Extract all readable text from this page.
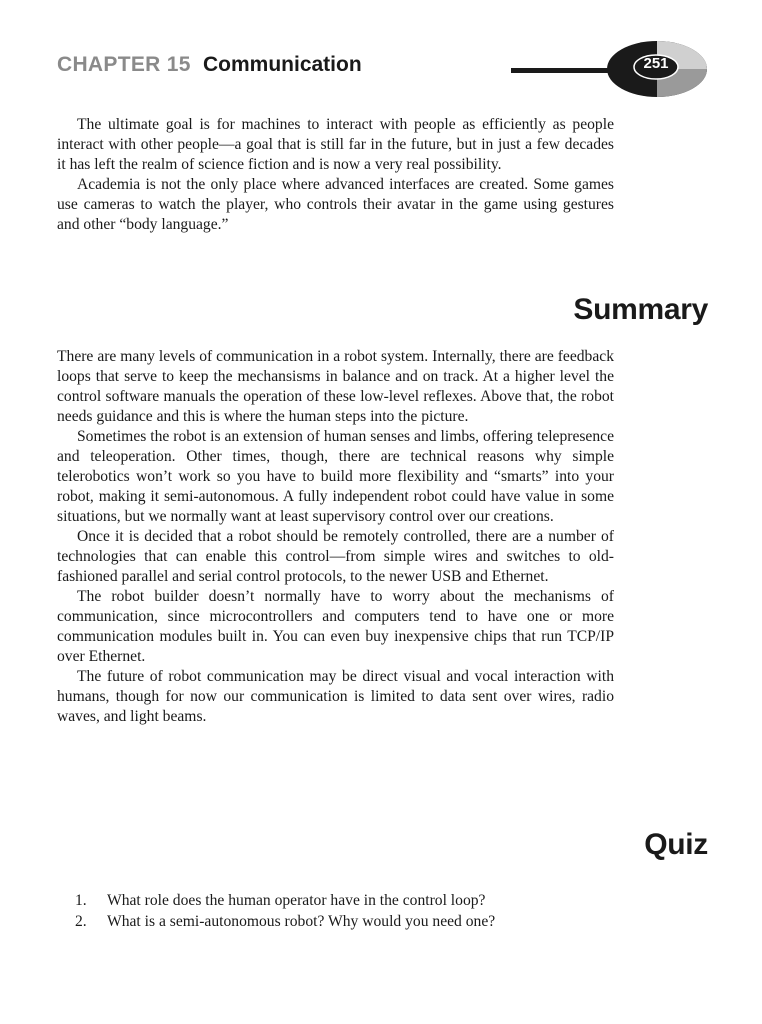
CHAPTER 15 Communication	251

The ultimate goal is for machines to interact with people as efficiently as people interact with other people—a goal that is still far in the future, but in just a few decades it has left the realm of science fiction and is now a very real possibility.

Academia is not the only place where advanced interfaces are created. Some games use cameras to watch the player, who controls their avatar in the game using gestures and other “body language.”

Summary

There are many levels of communication in a robot system. Internally, there are feedback loops that serve to keep the mechansisms in balance and on track. At a higher level the control software manuals the operation of these low-level reflexes. Above that, the robot needs guidance and this is where the human steps into the picture.

Sometimes the robot is an extension of human senses and limbs, offering telepresence and teleoperation. Other times, though, there are technical reasons why simple telerobotics won’t work so you have to build more flexibility and “smarts” into your robot, making it semi-autonomous. A fully independent robot could have value in some situations, but we normally want at least supervisory control over our creations.

Once it is decided that a robot should be remotely controlled, there are a number of technologies that can enable this control—from simple wires and switches to old-fashioned parallel and serial control protocols, to the newer USB and Ethernet.

The robot builder doesn’t normally have to worry about the mechanisms of communication, since microcontrollers and computers tend to have one or more communication modules built in. You can even buy inexpensive chips that run TCP/IP over Ethernet.

The future of robot communication may be direct visual and vocal interaction with humans, though for now our communication is limited to data sent over wires, radio waves, and light beams.

Quiz
1.	What role does the human operator have in the control loop?
2.	What is a semi-autonomous robot? Why would you need one?
